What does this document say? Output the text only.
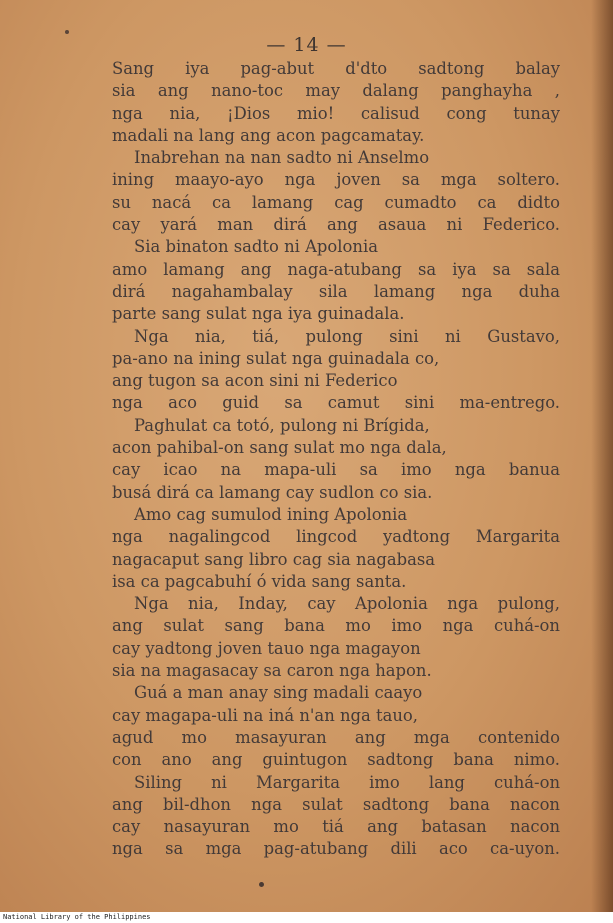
— 14 —
Sang iya pag-abut d'dto sadtong balay
sia ang nano-toc may dalang panghayha ,
nga nia, ¡Dios mio! calisud cong tunay
madali na lang ang acon pagcamatay.
Inabrehan na nan sadto ni Anselmo
ining maayo-ayo nga joven sa mga soltero.
su nacá ca lamang cag cumadto ca didto
cay yará man dirá ang asaua ni Federico.
Sia binaton sadto ni Apolonia
amo lamang ang naga-atubang sa iya sa sala
dirá nagahambalay sila lamang nga duha
parte sang sulat nga iya guinadala.
Nga nia, tiá, pulong sini ni Gustavo,
pa-ano na ining sulat nga guinadala co,
ang tugon sa acon sini ni Federico
nga aco guid sa camut sini ma-entrego.
Paghulat ca totó, pulong ni Brígida,
acon pahibal-on sang sulat mo nga dala,
cay icao na mapa-uli sa imo nga banua
busá dirá ca lamang cay sudlon co sia.
Amo cag sumulod ining Apolonia
nga nagalingcod lingcod yadtong Margarita
nagacaput sang libro cag sia nagabasa
isa ca pagcabuhí ó vida sang santa.
Nga nia, Inday, cay Apolonia nga pulong,
ang sulat sang bana mo imo nga cuhá-on
cay yadtong joven tauo nga magayon
sia na magasacay sa caron nga hapon.
Guá a man anay sing madali caayo
cay magapa-uli na iná n'an nga tauo,
agud mo masayuran ang mga contenido
con ano ang guintugon sadtong bana nimo.
Siling ni Margarita imo lang cuhá-on
ang bil-dhon nga sulat sadtong bana nacon
cay nasayuran mo tiá ang batasan nacon
nga sa mga pag-atubang dili aco ca-uyon.
National Library of the Philippines
